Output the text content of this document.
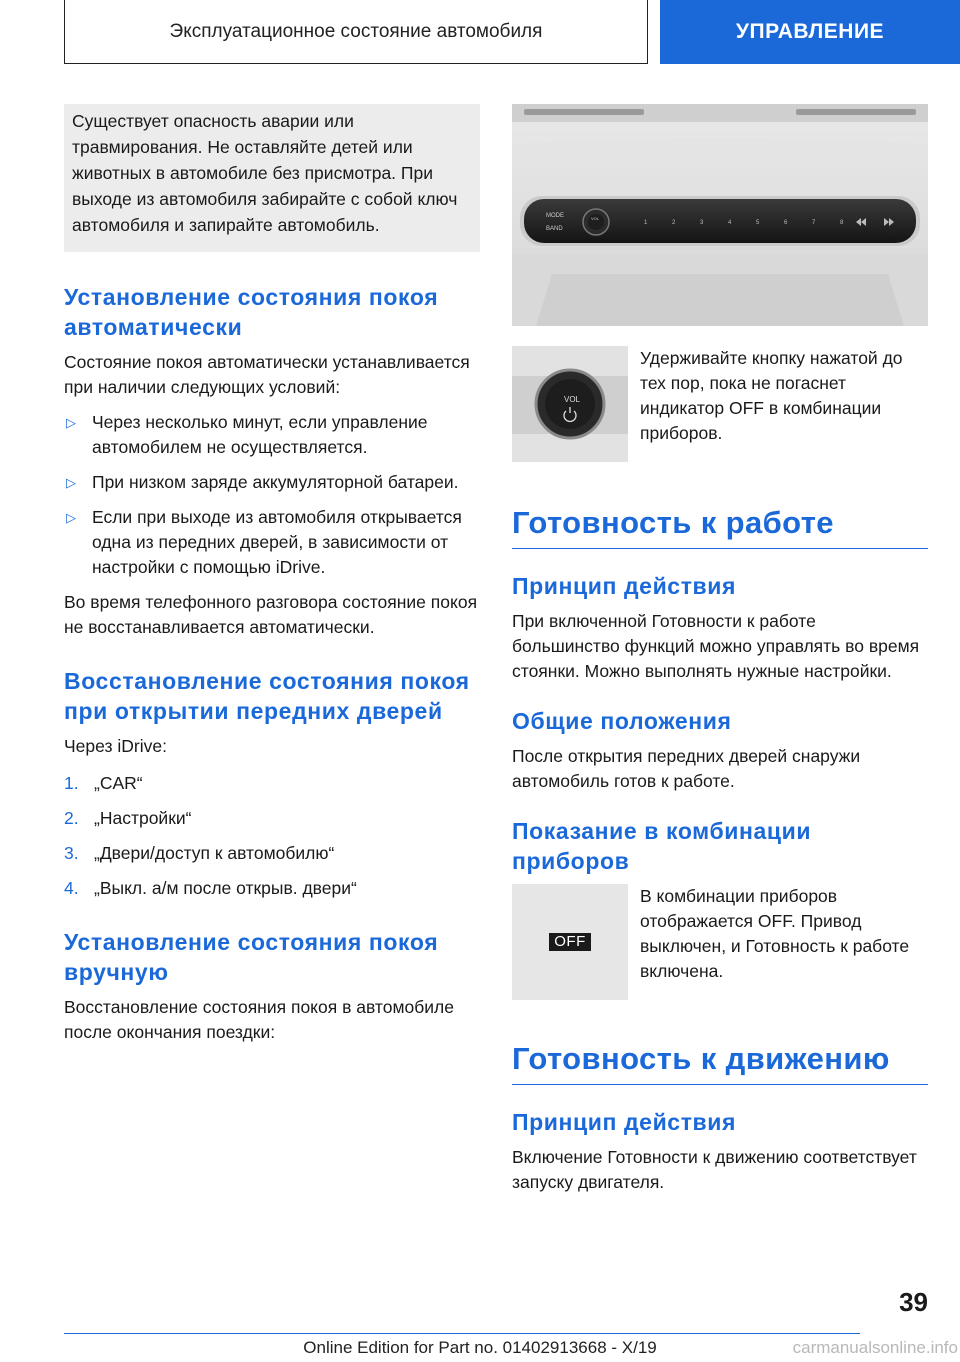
Эксплуатационное состояние автомобиля	УПРАВЛЕНИЕ

Существует опасность аварии или травмирования. Не оставляйте детей или животных в автомобиле без присмотра. При выходе из автомобиля забирайте с собой ключ автомобиля и запирайте автомобиль.

Установление состояния покоя автоматически

Состояние покоя автоматически устанавливается при наличии следующих условий:

▷ Через несколько минут, если управление автомобилем не осуществляется.
▷ При низком заряде аккумуляторной батареи.
▷ Если при выходе из автомобиля открывается одна из передних дверей, в зависимости от настройки с помощью iDrive.

Во время телефонного разговора состояние покоя не восстанавливается автоматически.

Восстановление состояния покоя при открытии передних дверей

Через iDrive:

1. „CAR“
2. „Настройки“
3. „Двери/доступ к автомобилю“
4. „Выкл. а/м после открыв. двери“
Установление состояния покоя вручную

Восстановление состояния покоя в автомобиле после окончания поездки:

MODE
BAND
VOL
1	2	3	4	5	6	7	8
VOL

Удерживайте кнопку нажатой до тех пор, пока не погаснет индикатор OFF в комбинации приборов.

Готовность к работе
Принцип действия

При включенной Готовности к работе большинство функций можно управлять во время стоянки. Можно выполнять нужные настройки.

Общие положения

После открытия передних дверей снаружи автомобиль готов к работе.

Показание в комбинации приборов
OFF

В комбинации приборов отображается OFF. Привод выключен, и Готовность к работе включена.

Готовность к движению
Принцип действия

Включение Готовности к движению соответствует запуску двигателя.

39
Online Edition for Part no. 01402913668 - X/19	carmanualsonline.info
